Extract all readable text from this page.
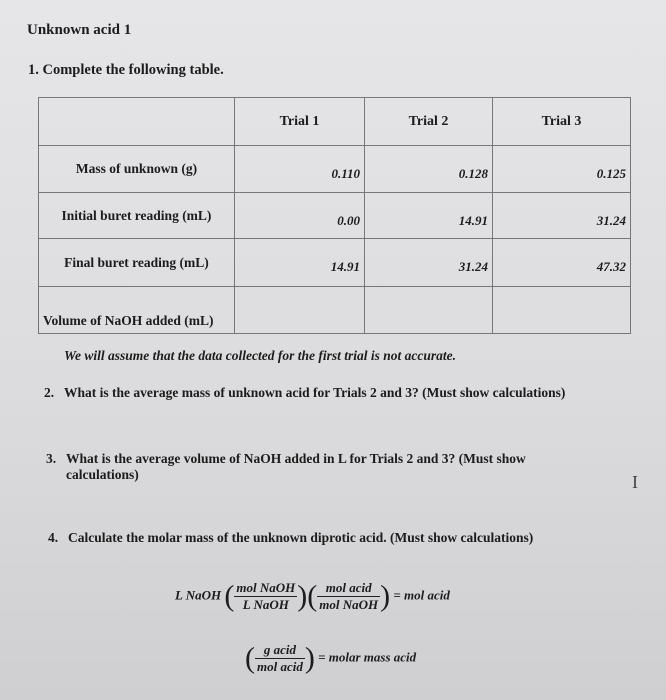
Unknown acid 1
1. Complete the following table.
	Trial 1	Trial 2	Trial 3
Mass of unknown (g)	0.110	0.128	0.125
Initial buret reading (mL)	0.00	14.91	31.24
Final buret reading (mL)	14.91	31.24	47.32
Volume of NaOH added (mL)			
We will assume that the data collected for the first trial is not accurate.
2. What is the average mass of unknown acid for Trials 2 and 3? (Must show calculations)
3. What is the average volume of NaOH added in L for Trials 2 and 3? (Must show
calculations)
4. Calculate the molar mass of the unknown diprotic acid. (Must show calculations)
L NaOH ( $\frac{\text{mol NaOH}}{\text{L NaOH}}$ )( $\frac{\text{mol acid}}{\text{mol NaOH}}$ ) = mol acid
( $\frac{\text{g acid}}{\text{mol acid}}$ ) = molar mass acid
I
